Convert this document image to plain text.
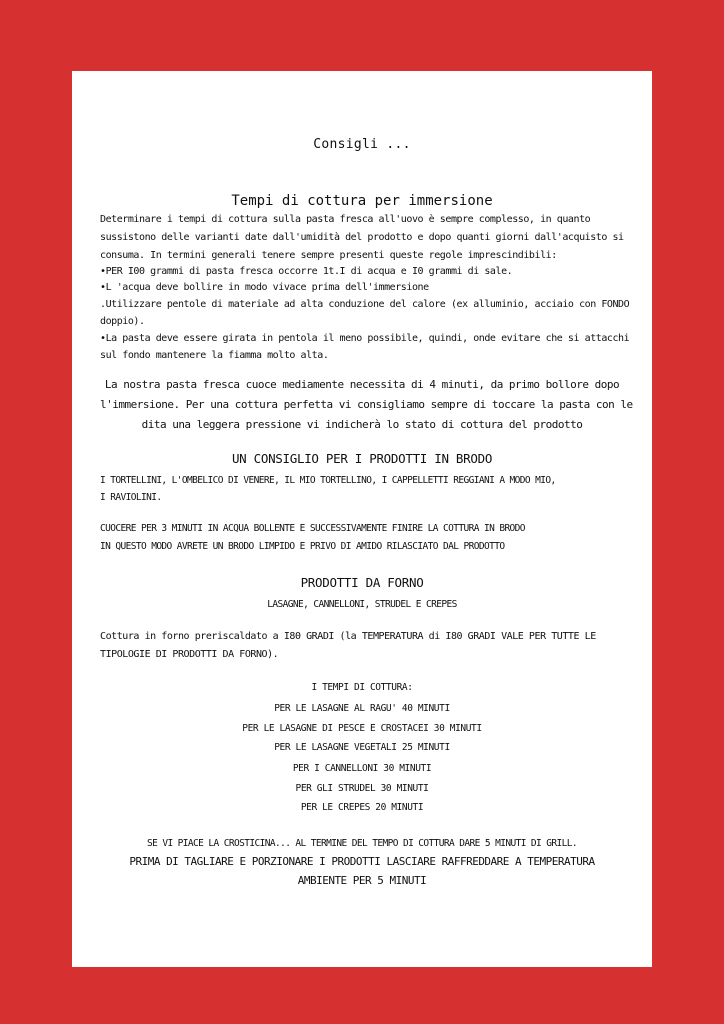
Consigli ...
Tempi di cottura per immersione
Determinare i tempi di cottura sulla pasta fresca all'uovo è sempre complesso, in quanto
sussistono delle varianti date dall'umidità del prodotto e dopo quanti giorni dall'acquisto si
consuma. In termini generali tenere sempre presenti queste regole imprescindibili:
•PER I00 grammi di pasta fresca occorre 1t.I di acqua e I0 grammi di sale.
•L 'acqua deve bollire in modo vivace prima dell'immersione
.Utilizzare pentole di materiale ad alta conduzione del calore (ex alluminio, acciaio con FONDO
doppio).
•La pasta deve essere girata in pentola il meno possibile, quindi, onde evitare che si attacchi
sul fondo mantenere la fiamma molto alta.
La nostra pasta fresca cuoce mediamente necessita di 4 minuti, da primo bollore dopo
l'immersione. Per una cottura perfetta vi consigliamo sempre di toccare la pasta con le
dita una leggera pressione vi indicherà lo stato di cottura del prodotto
UN CONSIGLIO PER I PRODOTTI IN BRODO
I TORTELLINI, L'OMBELICO DI VENERE, IL MIO TORTELLINO, I CAPPELLETTI REGGIANI A MODO MIO,
I RAVIOLINI.
CUOCERE PER 3 MINUTI IN ACQUA BOLLENTE E SUCCESSIVAMENTE FINIRE LA COTTURA IN BRODO
IN QUESTO MODO AVRETE UN BRODO LIMPIDO E PRIVO DI AMIDO RILASCIATO DAL PRODOTTO
PRODOTTI DA FORNO
LASAGNE, CANNELLONI, STRUDEL E CREPES
Cottura in forno preriscaldato a I80 GRADI (la TEMPERATURA di I80 GRADI VALE PER TUTTE LE
TIPOLOGIE DI PRODOTTI DA FORNO).
I TEMPI DI COTTURA:
PER LE LASAGNE AL RAGU' 40 MINUTI
PER LE LASAGNE DI PESCE E CROSTACEI 30 MINUTI
PER LE LASAGNE VEGETALI 25 MINUTI
PER I CANNELLONI 30 MINUTI
PER GLI STRUDEL 30 MINUTI
PER LE CREPES 20 MINUTI
SE VI PIACE LA CROSTICINA... AL TERMINE DEL TEMPO DI COTTURA DARE 5 MINUTI DI GRILL.
PRIMA DI TAGLIARE E PORZIONARE I PRODOTTI LASCIARE RAFFREDDARE A TEMPERATURA
AMBIENTE PER 5 MINUTI
